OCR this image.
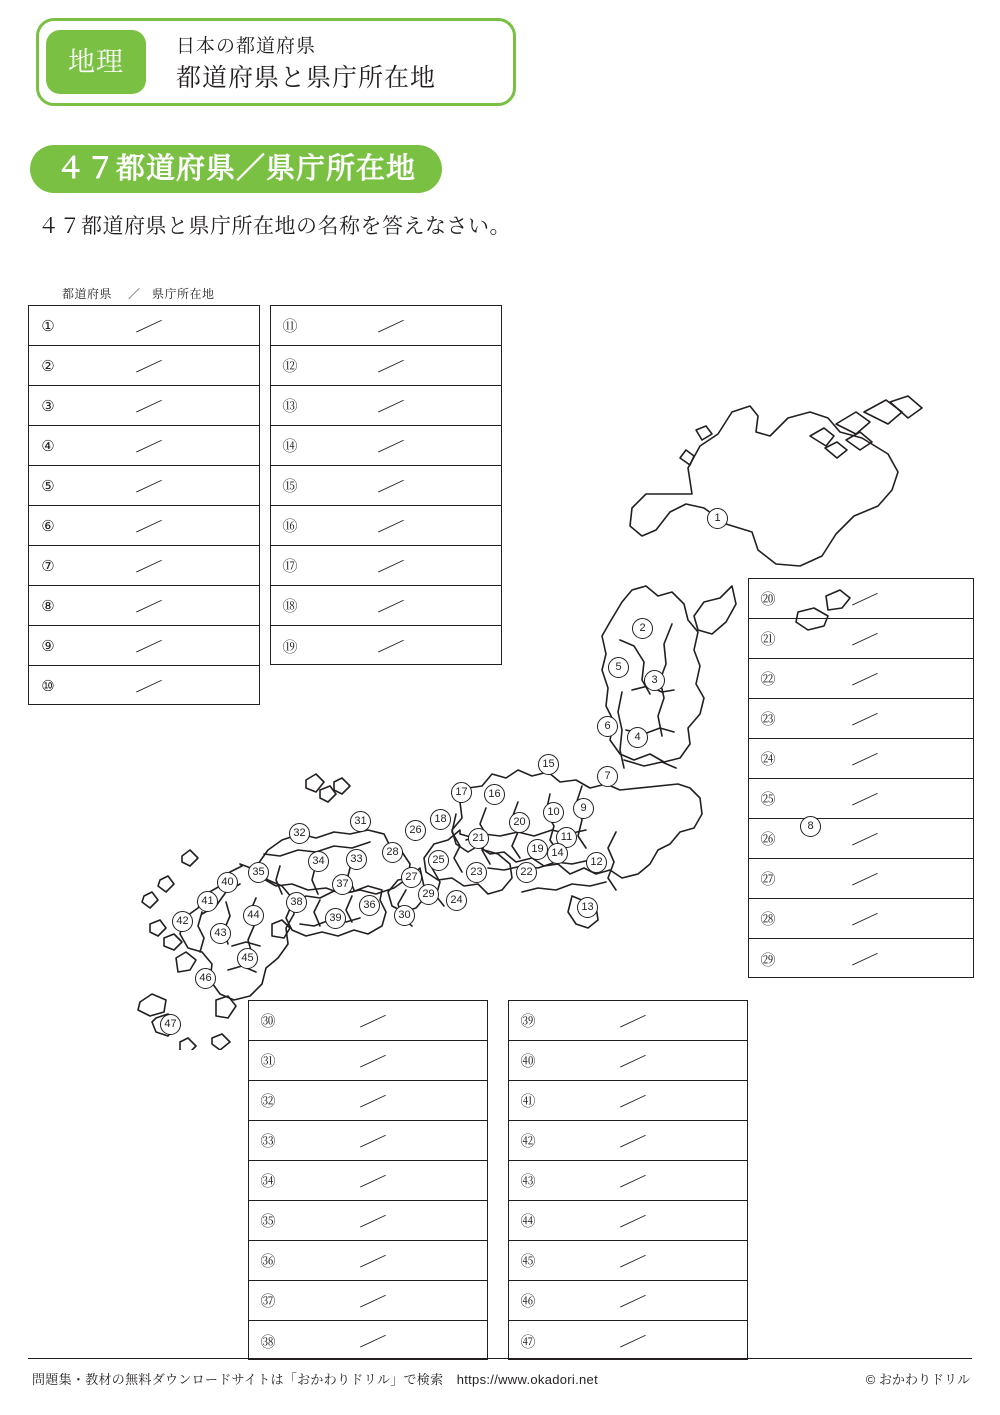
地理
日本の都道府県
都道府県と県庁所在地
４７都道府県／県庁所在地
４７都道府県と県庁所在地の名称を答えなさい。
都道府県 ／ 県庁所在地
①	／
②	／
③	／
④	／
⑤	／
⑥	／
⑦	／
⑧	／
⑨	／
⑩	／
⑪	／
⑫	／
⑬	／
⑭	／
⑮	／
⑯	／
⑰	／
⑱	／
⑲	／
⑳	／
㉑	／
㉒	／
㉓	／
㉔	／
㉕	／
㉖	／
㉗	／
㉘	／
㉙	／
㉚	／
㉛	／
㉜	／
㉝	／
㉞	／
㉟	／
㊱	／
㊲	／
㊳	／
㊴	／
㊵	／
㊶	／
㊷	／
㊸	／
㊹	／
㊺	／
㊻	／
㊼	／
1
2
3
4
5
6
7
8
9
10
11
12
13
14
15
16
17
18
19
20
21
22
23
24
25
26
27
28
29
30
31
32
33
34
35
36
37
38
39
40
41
42
43
44
45
46
47
問題集・教材の無料ダウンロードサイトは「おかわりドリル」で検索　https://www.okadori.net	© おかわりドリル
